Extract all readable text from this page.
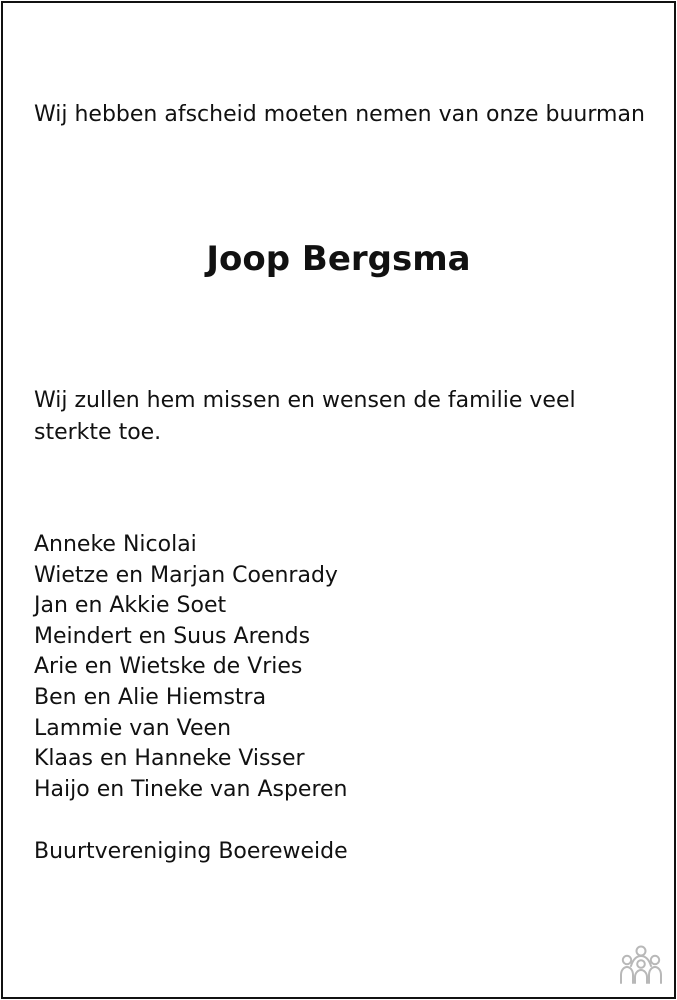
Wij hebben afscheid moeten nemen van onze buurman
Joop Bergsma
Wij zullen hem missen en wensen de familie veel sterkte toe.
Anneke Nicolai
Wietze en Marjan Coenrady
Jan en Akkie Soet
Meindert en Suus Arends
Arie en Wietske de Vries
Ben en Alie Hiemstra
Lammie van Veen
Klaas en Hanneke Visser
Haijo en Tineke van Asperen
Buurtvereniging Boereweide
